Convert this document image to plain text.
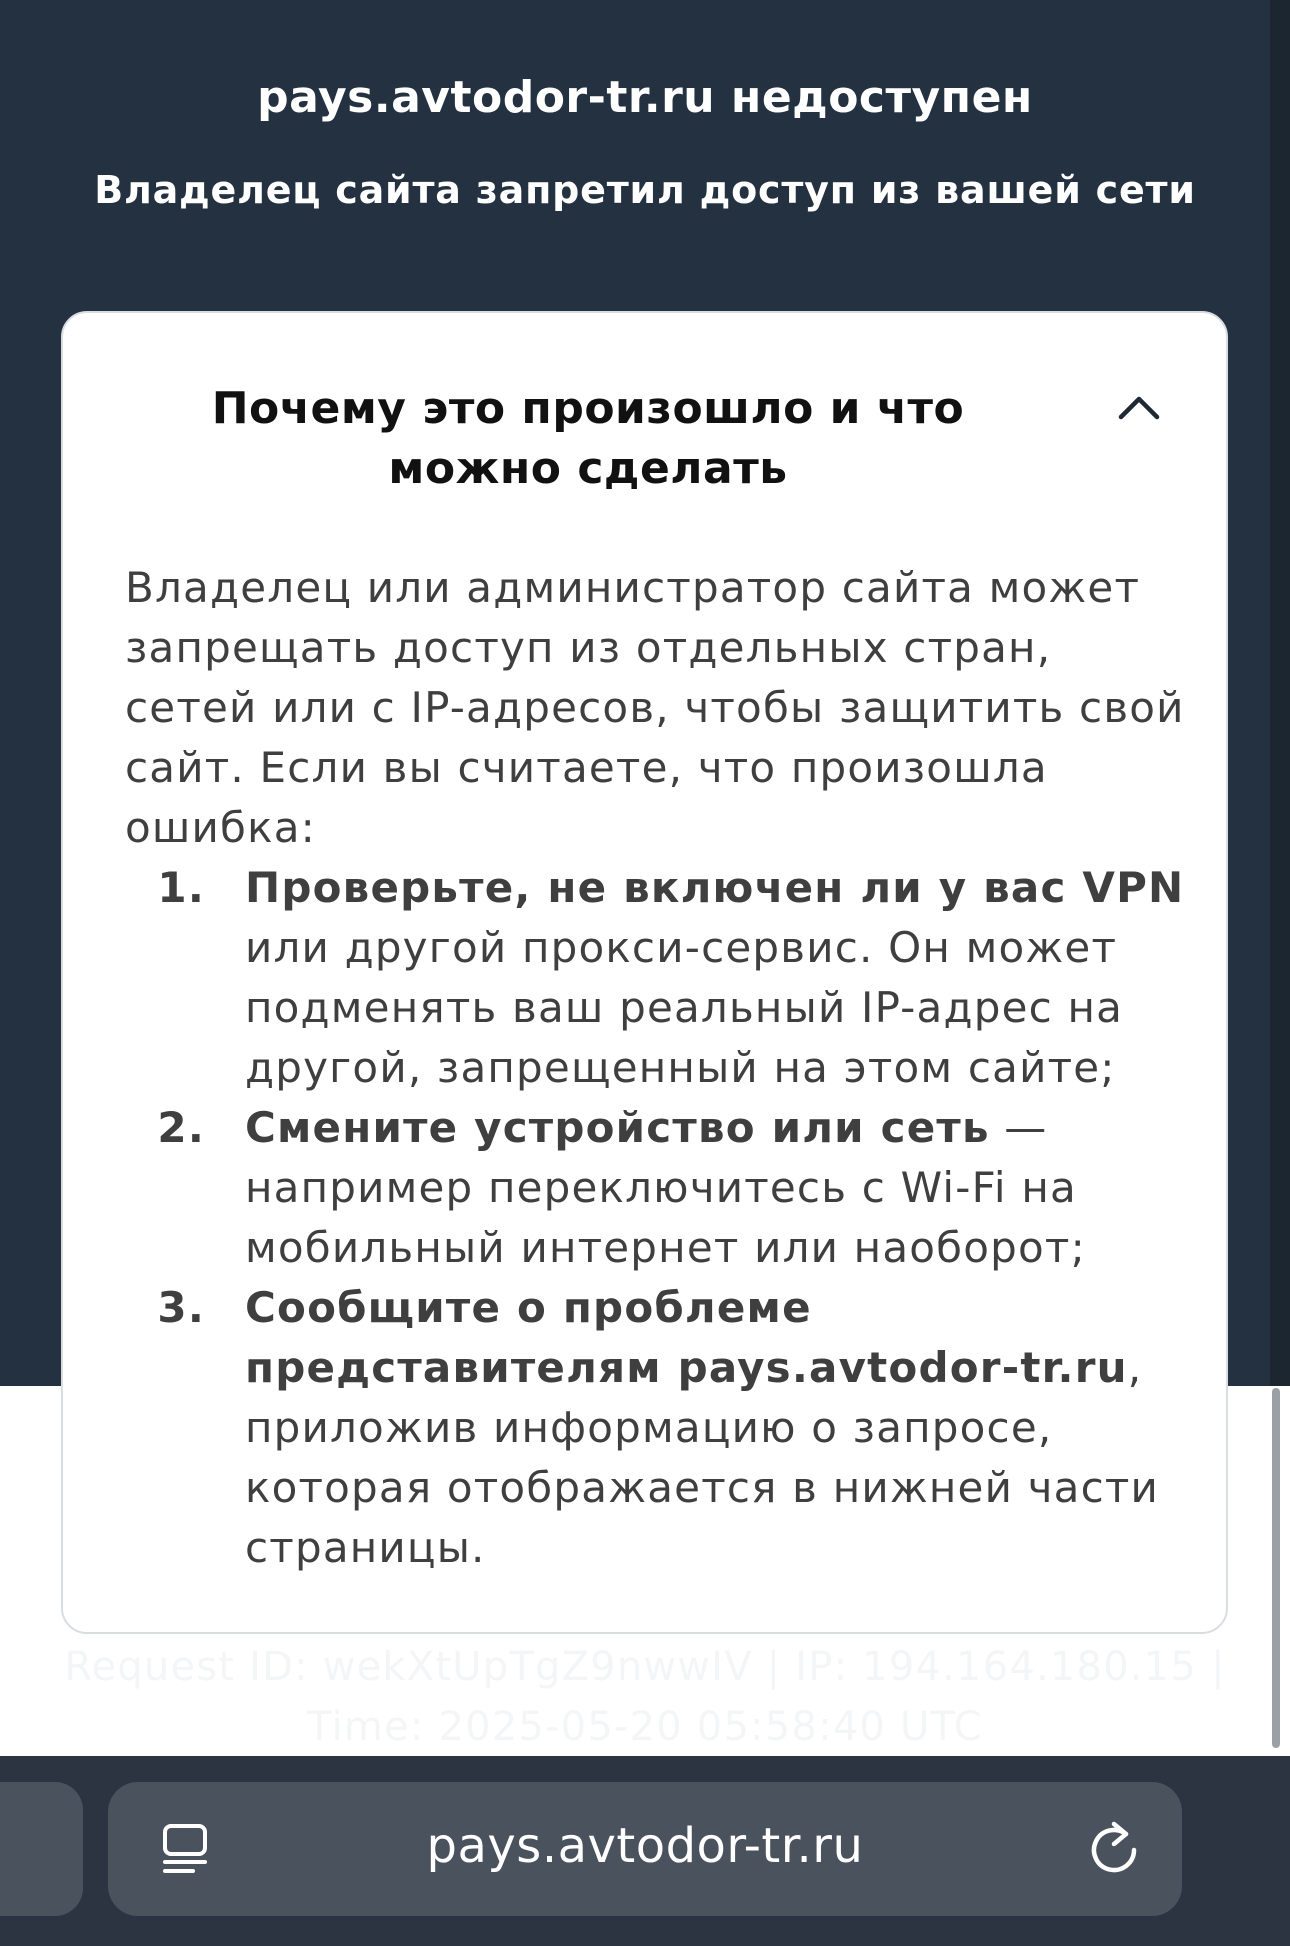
pays.avtodor-tr.ru недоступен
Владелец сайта запретил доступ из вашей сети
Почему это произошло и что можно сделать
Владелец или администратор сайта может запрещать доступ из отдельных стран, сетей или с IP-адресов, чтобы защитить свой сайт. Если вы считаете, что произошла ошибка:
1. Проверьте, не включен ли у вас VPN или другой прокси-сервис. Он может подменять ваш реальный IP-адрес на другой, запрещенный на этом сайте;
2. Смените устройство или сеть — например переключитесь с Wi-Fi на мобильный интернет или наоборот;
3. Сообщите о проблеме представителям pays.avtodor-tr.ru, приложив информацию о запросе, которая отображается в нижней части страницы.
Request ID: wekXtUpTgZ9nwwIV | IP: 194.164.180.15 | Time: 2025-05-20 05:58:40 UTC
pays.avtodor-tr.ru
